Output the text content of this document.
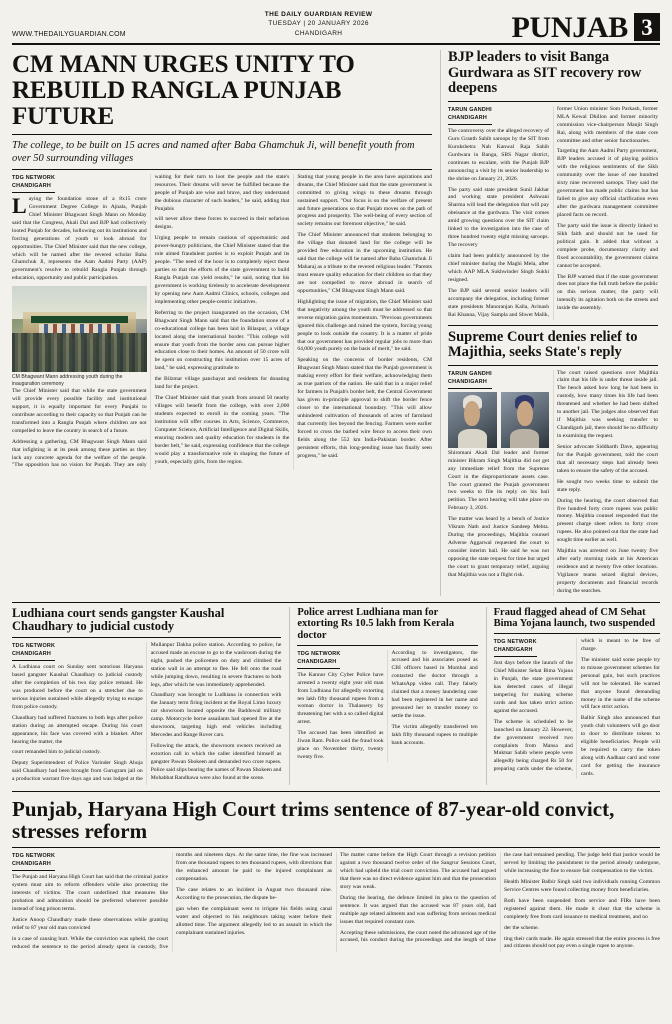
WWW.THEDAILYGUARDIAN.COM
THE DAILY GUARDIAN REVIEW
TUESDAY | 20 JANUARY 2026
CHANDIGARH	PUNJAB 3
CM MANN URGES UNITY TO REBUILD RANGLA PUNJAB FUTURE
The college, to be built on 15 acres and named after Baba Ghamchuk Ji, will benefit youth from over 50 surrounding villages
TDG NETWORK
CHANDIGARH

Laying the foundation stone of a 8x15 crore Government Degree College in Ajnala, Punjab Chief Minister Bhagwant Singh Mann on Monday said that the Congress, Akali Dal and BJP had collectively looted Punjab for decades, hollowing out its institutions and forcing generations of youth to look abroad for opportunities. The Chief Minister said that the new college, which will be named after the revered scholar Baba Ghamchuk Ji, represents the Aam Aadmi Party (AAP) government's resolve to rebuild Rangla Punjab through education, opportunity and public participation.

CM Bhagwant Mann addressing youth during the inauguration ceremony

The Chief Minister said that while the state government will provide every possible facility and institutional support, it is equally important for every Punjabi to contribute according to their capacity so that Punjab can be transformed into a Rangla Punjab where children are not compelled to leave the country in search of a future.

Addressing a gathering, CM Bhagwant Singh Mann said that infighting is at its peak among these parties as they lack any concrete agenda for the welfare of the people. "The opposition has no vision for Punjab. They are only waiting for their turn to loot the people and the state's resources. Their dreams will never be fulfilled because the people of Punjab are wise and brave, and they understand the dubious character of such leaders," he said, adding that Punjabis

will never allow these forces to succeed in their nefarious designs.

Urging people to remain cautious of opportunistic and power-hungry politicians, the Chief Minister stated that the role aimed fraudulent parties is to exploit Punjab and its people. "The need of the hour is to completely reject these parties so that the efforts of the state government to build Rangla Punjab can yield results," he said, noting that his government is working tirelessly to accelerate development by opening new Aam Aadmi Clinics, schools, colleges and implementing other people-centric initiatives.

Referring to the project inaugurated on the occasion, CM Bhagwant Singh Mann said that the foundation stone of a co-educational college has been laid in Bilaspur, a village located along the international border. "This college will ensure that youth from the border area can pursue higher education close to their homes. An amount of 50 crore will be spent on constructing this institution over 15 acres of land," he said, expressing gratitude to

the Bilzmar village panchayat and residents for donating land for the project.

The Chief Minister said that youth from around 50 nearby villages will benefit from the college, with over 2,000 students expected to enroll in the coming years. "The institution will offer courses in Arts, Science, Commerce, Computer Science, Artificial Intelligence and Digital Skills, ensuring modern and quality education for students in the border belt," he said, expressing confidence that the college would play a transformative role in shaping the future of youth, especially girls, from the region.

Stating that young people in the area have aspirations and dreams, the Chief Minister said that the state government is committed to giving wings to these dreams through sustained support. "Our focus is on the welfare of present and future generations so that Punjab moves on the path of progress and prosperity. The well-being of every section of society remains our foremost objective," he said.

The Chief Minister announced that students belonging to the village that donated land for the college will be provided free education in the upcoming institution. He said that the college will be named after Baba Ghamchuk Ji Maharaj as a tribute to the revered religious leader. "Parents must ensure quality education for their children so that they are not compelled to move abroad in search of opportunities," CM Bhagwant Singh Mann said.

Highlighting the issue of migration, the Chief Minister said that negativity among the youth must be addressed so that reverse migration gains momentum. "Previous governments ignored this challenge and ruined the system, forcing young people to look outside the country. It is a matter of pride that our government has provided regular jobs to more than 64,000 youth purely on the basis of merit," he said.

Speaking on the concerns of border residents, CM Bhagwant Singh Mann stated that the Punjab government is making every effort for their welfare, acknowledging them as true patriots of the nation. He said that in a major relief for farmers in Punjab's border belt, the Central Government has given in-principle approval to shift the border fence closer to the international boundary. "This will allow unhindered cultivation of thousands of acres of farmland that currently lies beyond the fencing. Farmers were earlier forced to cross the barbed wire fence to access their own fields along the 552 km India-Pakistan border. After persistent efforts, this long-pending issue has finally seen progress," he said.

BJP leaders to visit Banga Gurdwara as SIT recovery row deepens
TARUN GANDHI
CHANDIGARH

The controversy over the alleged recovery of Guru Granth Sahib saroops by the SIT from Kurukshetra Nab Kanwal Raja Sahib Gurdwara in Banga, SBS Nagar district, continues to escalate, with the Punjab BJP announcing a visit by its senior leadership to the shrine on January 21, 2026.

The party said state president Sunil Jakhar and working state president Ashwani Sharma will lead the delegation that will pay obeisance at the gurdwara. The visit comes amid growing questions over the SIT claim linked to the investigation into the case of three hundred twenty eight missing saroops. The recovery

claim had been publicly announced by the chief minister during the Maghi Mela, after which AAP MLA Sukhwinder Singh Sukhi resigned.

The BJP said several senior leaders will accompany the delegation, including former state presidents Manoranjan Kalia, Avinash Rai Khanna, Vijay Sampla and Shwet Malik, former Union minister Som Parkash, former MLA Kewal Dhillon and former minority commission vice-chairperson Manjit Singh Rai, along with members of the state core committee and other senior functionaries.

Targeting the Aam Aadmi Party government, BJP leaders accused it of playing politics with the religious sentiments of the Sikh community over the issue of one hundred sixty nine recovered saroops. They said the government has made public claims but has failed to give any official clarification even after the gurdwara management committee placed facts on record.

The party said the issue is directly linked to Sikh faith and should not be used for political gain. It added that without a complete probe, documentary clarity and fixed accountability, the government claims cannot be accepted.

The BJP warned that if the state government does not place the full truth before the public on this serious matter, the party will intensify its agitation both on the streets and inside the assembly.

Supreme Court denies relief to Majithia, seeks State's reply
TARUN GANDHI
CHANDIGARH

Shiromani Akali Dal leader and former minister Bikram Singh Majithia did not get any immediate relief from the Supreme Court in the disproportionate assets case. The court granted the Punjab government two weeks to file its reply on his bail petition. The next hearing will take place on February 3, 2026.

The matter was heard by a bench of Justice Vikram Nath and Justice Sandeep Mehta. During the proceedings, Majithia counsel Adverse Aggarwal requested the court to consider interim bail. He said he was not opposing the state request for time but urged the court to grant temporary relief, arguing that Majithia was not a flight risk.

The court raised questions over Majithia claim that his life is under threat inside jail. The bench asked how long he had been in custody, how many times his life had been threatened and whether he had been shifted to another jail. The judges also observed that if Majithia was seeking transfer to Chandigarh jail, there should be no difficulty in examining the request.

Senior advocate Siddharth Dave, appearing for the Punjab government, told the court that all necessary steps had already been taken to ensure the safety of the accused.

He sought two weeks time to submit the state reply.

During the hearing, the court observed that five hundred forty crore rupees was public money. Majithia counsel responded that the present charge sheet refers to forty crore rupees. He also pointed out that the state had sought time earlier as well.

Majithia was arrested on June twenty five after early morning raids at his American residence and at twenty five other locations. Vigilance teams seized digital devices, property documents and financial records during the searches.

Ludhiana court sends gangster Kaushal Chaudhary to judicial custody
TDG NETWORK
CHANDIGARH

A Ludhiana court on Sunday sent notorious Haryana based gangster Kaushal Chaudhary to judicial custody after the completion of his two day police remand. He was produced before the court on a stretcher due to serious injuries sustained while allegedly trying to escape from police custody.

Chaudhary had suffered fractures to both legs after police station during an attempted escape. During his court appearance, his face was covered with a blanket. After hearing the matter, the

court remanded him to judicial custody.

Deputy Superintendent of Police Varinder Singh Ahuja said Chaudhary had been brought from Gurugram jail on a production warrant five days ago and was lodged at the Mullanpur Dakha police station. According to police, he accused made an excuse to go to the washroom during the night, pushed the policemen on duty and climbed the station wall in an attempt to flee. He fell onto the road while jumping down, resulting in severe fractures to both legs, after which he was immediately apprehended.

Chaudhary was brought to Ludhiana in connection with the January term firing incident at the Royal Limo luxury car showroom located opposite the Baddowal military camp. Motorcycle borne assailants had opened fire at the showroom, targeting high end vehicles including Mercedes and Range Rover cars.

Following the attack, the showroom owners received an extortion call in which the caller identified himself as gangster Pawan Shokeen and demanded two crore rupees. Police said slips bearing the names of Pawan Shokeen and Mohabbat Randhawa were also found at the scene.

Police arrest Ludhiana man for extorting Rs 10.5 lakh from Kerala doctor
TDG NETWORK
CHANDIGARH

The Kannur City Cyber Police have arrested a twenty eight year old man from Ludhiana for allegedly extorting ten lakh fifty thousand rupees from a woman doctor in Thalassery by threatening her with a so called digital arrest.

The accused has been identified as Jiwan Ram. Police said the fraud took place on November thirty, twenty twenty five.

According to investigators, the accused and his associates posed as CBI officers based in Mumbai and contacted the doctor through a WhatsApp video call. They falsely claimed that a money laundering case had been registered in her name and pressured her to transfer money to settle the issue.

The victim allegedly transferred ten lakh fifty thousand rupees to multiple bank accounts.

Fraud flagged ahead of CM Sehat Bima Yojana launch, two suspended
TDG NETWORK
CHANDIGARH

Just days before the launch of the Chief Minister Sehat Bima Yojana in Punjab, the state government has detected cases of illegal tampering for making scheme cards and has taken strict action against the accused.

The scheme is scheduled to be launched on January 22. However, the government received two complaints from Mansa and Muktsar Sahib where people were allegedly being charged Rs 50 for preparing cards under the scheme, which is meant to be free of charge.

The minister said some people try to misuse government schemes for personal gain, but such practices will not be tolerated. He warned that anyone found demanding money in the name of the scheme will face strict action.

Balbir Singh also announced that youth club volunteers will go door to door to distribute tokens to eligible beneficiaries. People will be required to carry the token along with Aadhaar card and voter card for getting the insurance cards.

Punjab, Haryana High Court trims sentence of 87-year-old convict, stresses reform
TDG NETWORK
CHANDIGARH

The Punjab and Haryana High Court has said that the criminal justice system must aim to reform offenders while also protecting the interests of victims. The court underlined that measures like probation and admonition should be preferred wherever possible instead of long prison terms.

Justice Anoop Chaudhary made these observations while granting relief to 87 year old man convicted

in a case of causing hurt. While the conviction was upheld, the court reduced the sentence to the period already spent in custody, five months and nineteen days. At the same time, the fine was increased from one thousand rupees to ten thousand rupees, with directions that the enhanced amount be paid to the injured complainant as compensation.

The case relates to an incident in August two thousand nine. According to the prosecution, the dispute be-

gan when the complainant went to irrigate his fields using canal water and objected to his neighbours taking water before their allotted time. The argument allegedly led to an assault in which the complainant sustained injuries.

The matter came before the High Court through a revision petition against a two thousand twelve order of the Sangrur Sessions Court, which had upheld the trial court conviction. The accused had argued that there was no direct evidence against him and that the prosecution story was weak.

During the hearing, the defence limited its plea to the question of sentence. It was argued that the accused was 87 years old, had multiple age related ailments and was suffering from serious medical issues that required constant care.

Accepting these submissions, the court noted the advanced age of the accused, his conduct during the proceedings and the length of time the case had remained pending. The judge held that justice would be served by limiting the punishment to the period already undergone, while increasing the fine to ensure fair compensation to the victim.

Health Minister Balbir Singh said two individuals running Common Service Centres were found collecting money from beneficiaries.

Both have been suspended from service and FIRs have been registered against them. He made it clear that the scheme is completely free from card issuance to medical treatment, and no

der the scheme.

ting their cards made. He again stressed that the entire process is free and citizens should not pay even a single rupee to anyone.
